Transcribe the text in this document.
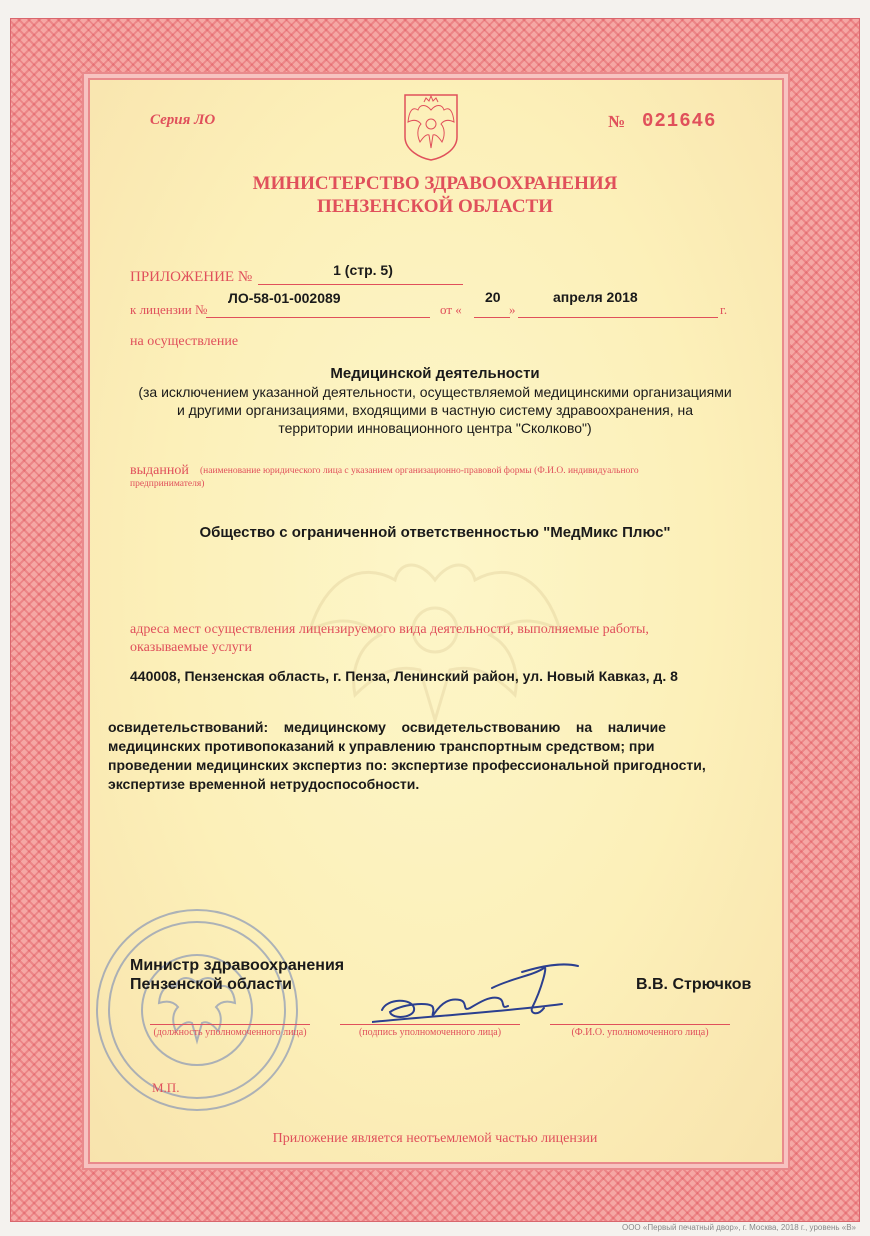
Серия ЛО	№ 021646
МИНИСТЕРСТВО ЗДРАВООХРАНЕНИЯ
ПЕНЗЕНСКОЙ ОБЛАСТИ
ПРИЛОЖЕНИЕ №	1 (стр. 5)
к лицензии №
ЛО-58-01-002089
от «
20
»
апреля 2018
г.
на осуществление
Медицинской деятельности
(за исключением указанной деятельности, осуществляемой медицинскими организациями
и другими организациями, входящими в частную систему здравоохранения, на
территории инновационного центра "Сколково")
выданной (наименование юридического лица с указанием организационно-правовой формы (Ф.И.О. индивидуального
предпринимателя)
Общество с ограниченной ответственностью "МедМикс Плюс"
адреса мест осуществления лицензируемого вида деятельности, выполняемые работы,
оказываемые услуги
440008, Пензенская область, г. Пенза, Ленинский район, ул. Новый Кавказ, д. 8
освидетельствований:    медицинскому    освидетельствованию    на    наличие
медицинских противопоказаний к управлению транспортным средством; при
проведении медицинских экспертиз по: экспертизе профессиональной пригодности,
экспертизе временной нетрудоспособности.
Министр здравоохранения
Пензенской области	В.В. Стрючков
(должность уполномоченного лица)	(подпись уполномоченного лица)	(Ф.И.О. уполномоченного лица)
М.П.
Приложение является неотъемлемой частью лицензии
ООО «Первый печатный двор», г. Москва, 2018 г., уровень «В»
